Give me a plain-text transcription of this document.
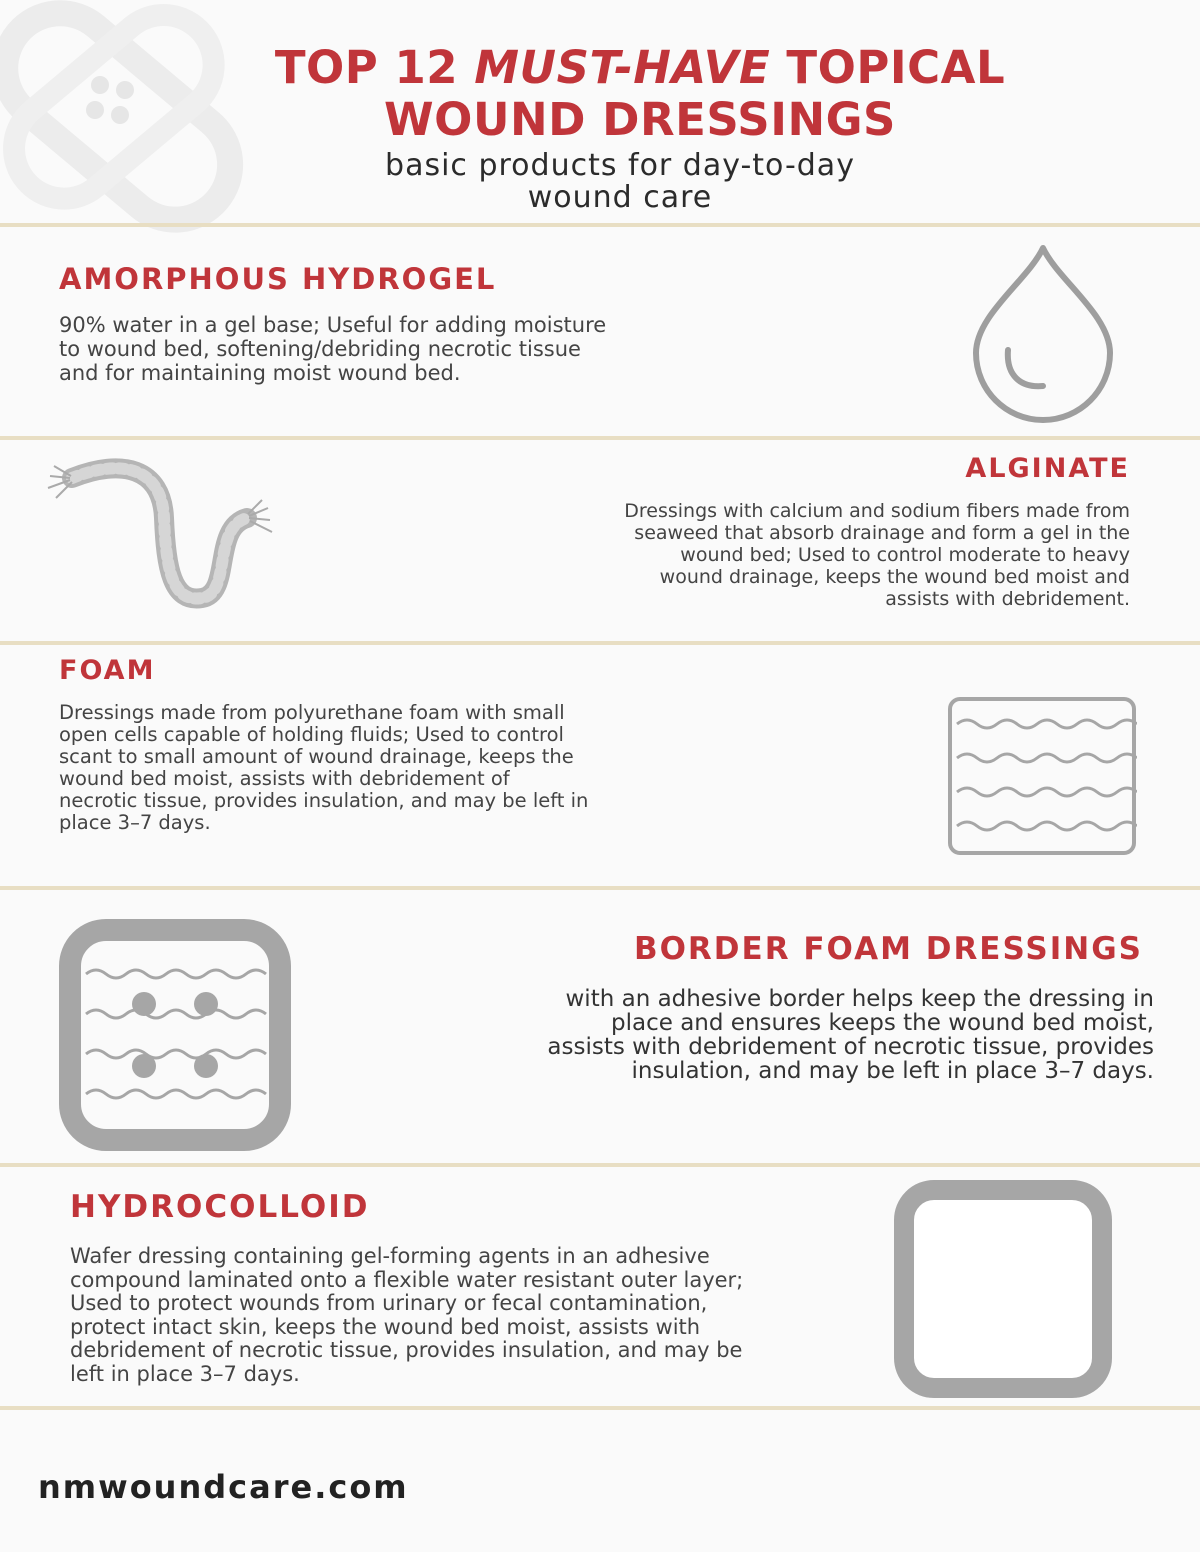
TOP 12 MUST-HAVE TOPICAL WOUND DRESSINGS

basic products for day-to-day
wound care

AMORPHOUS HYDROGEL

90% water in a gel base; Useful for adding moisture
to wound bed, softening/debriding necrotic tissue
and for maintaining moist wound bed.

ALGINATE

Dressings with calcium and sodium fibers made from
seaweed that absorb drainage and form a gel in the
wound bed; Used to control moderate to heavy
wound drainage, keeps the wound bed moist and
assists with debridement.

FOAM

Dressings made from polyurethane foam with small
open cells capable of holding fluids; Used to control
scant to small amount of wound drainage, keeps the
wound bed moist, assists with debridement of
necrotic tissue, provides insulation, and may be left in
place 3–7 days.

BORDER FOAM DRESSINGS

with an adhesive border helps keep the dressing in
place and ensures keeps the wound bed moist,
assists with debridement of necrotic tissue, provides
insulation, and may be left in place 3–7 days.

HYDROCOLLOID

Wafer dressing containing gel-forming agents in an adhesive
compound laminated onto a flexible water resistant outer layer;
Used to protect wounds from urinary or fecal contamination,
protect intact skin, keeps the wound bed moist, assists with
debridement of necrotic tissue, provides insulation, and may be
left in place 3–7 days.

nmwoundcare.com
